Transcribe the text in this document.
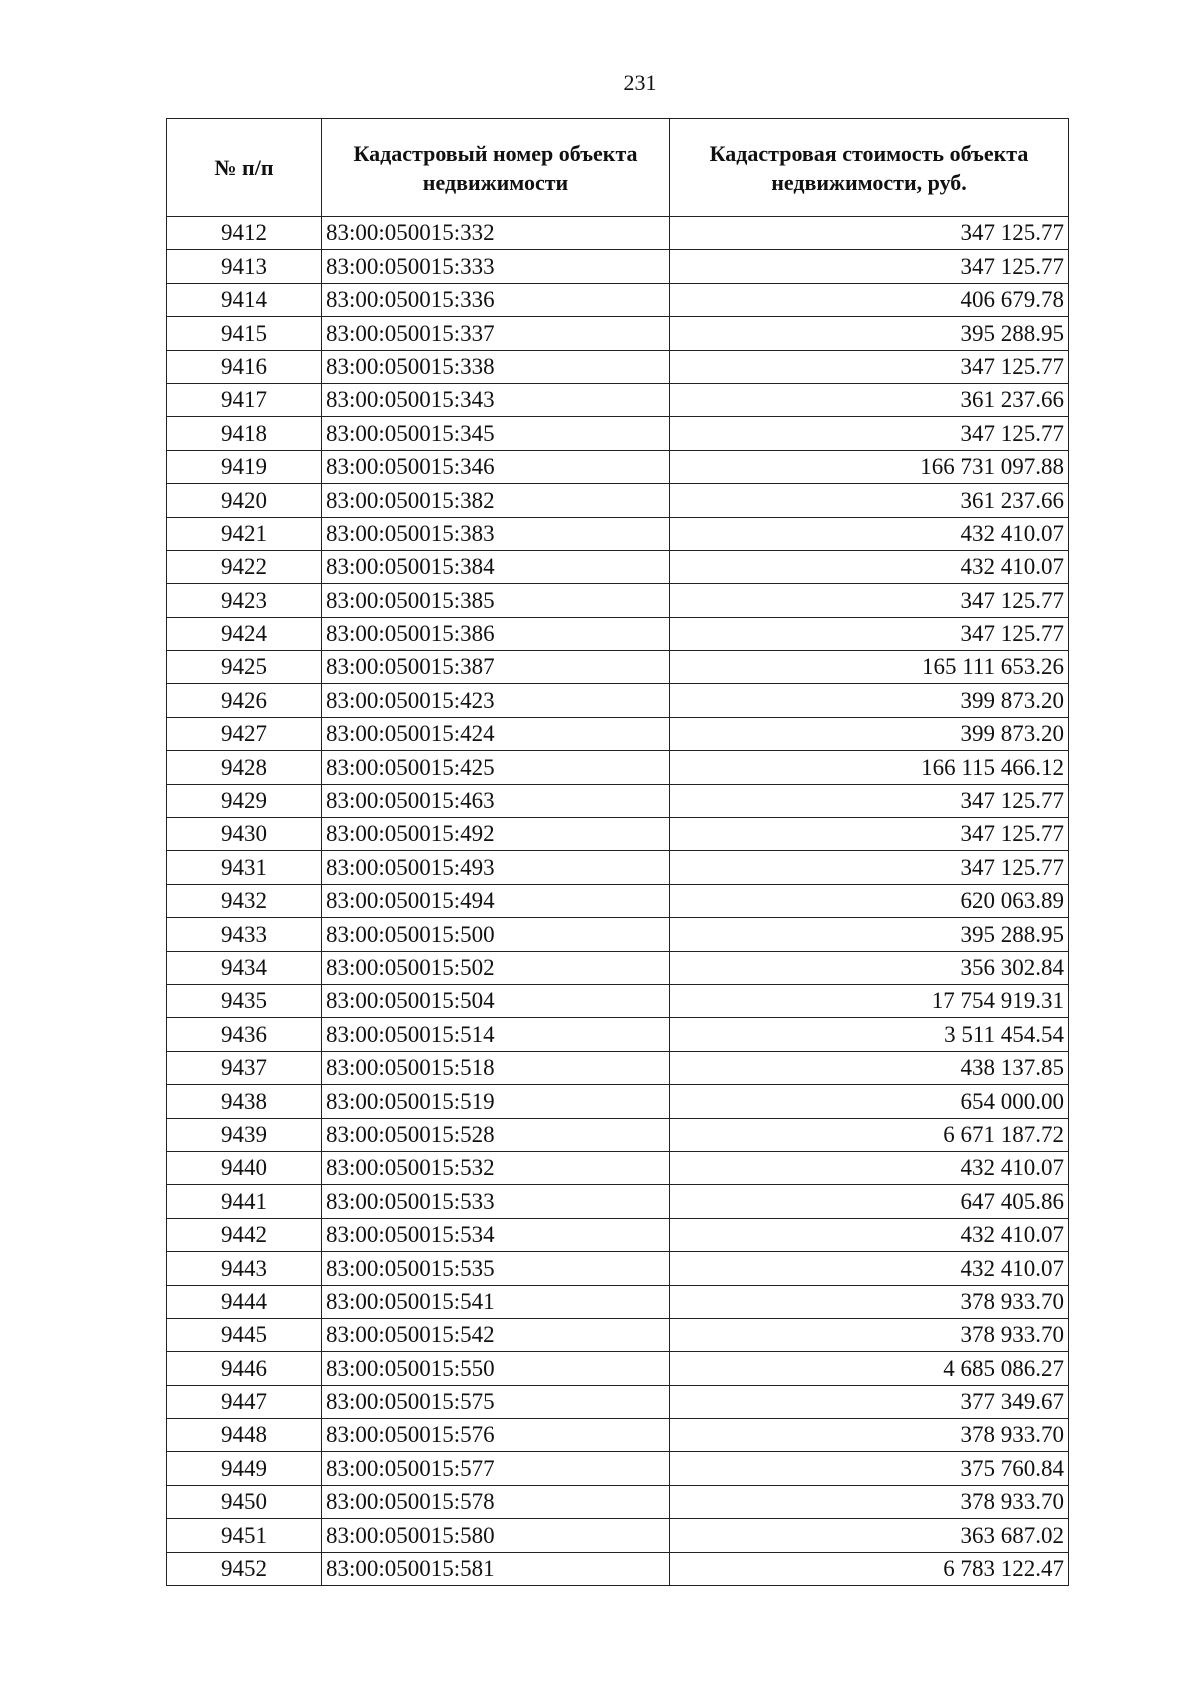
231
№ п/п	Кадастровый номер объекта недвижимости	Кадастровая стоимость объекта недвижимости, руб.
9412	83:00:050015:332	347 125.77
9413	83:00:050015:333	347 125.77
9414	83:00:050015:336	406 679.78
9415	83:00:050015:337	395 288.95
9416	83:00:050015:338	347 125.77
9417	83:00:050015:343	361 237.66
9418	83:00:050015:345	347 125.77
9419	83:00:050015:346	166 731 097.88
9420	83:00:050015:382	361 237.66
9421	83:00:050015:383	432 410.07
9422	83:00:050015:384	432 410.07
9423	83:00:050015:385	347 125.77
9424	83:00:050015:386	347 125.77
9425	83:00:050015:387	165 111 653.26
9426	83:00:050015:423	399 873.20
9427	83:00:050015:424	399 873.20
9428	83:00:050015:425	166 115 466.12
9429	83:00:050015:463	347 125.77
9430	83:00:050015:492	347 125.77
9431	83:00:050015:493	347 125.77
9432	83:00:050015:494	620 063.89
9433	83:00:050015:500	395 288.95
9434	83:00:050015:502	356 302.84
9435	83:00:050015:504	17 754 919.31
9436	83:00:050015:514	3 511 454.54
9437	83:00:050015:518	438 137.85
9438	83:00:050015:519	654 000.00
9439	83:00:050015:528	6 671 187.72
9440	83:00:050015:532	432 410.07
9441	83:00:050015:533	647 405.86
9442	83:00:050015:534	432 410.07
9443	83:00:050015:535	432 410.07
9444	83:00:050015:541	378 933.70
9445	83:00:050015:542	378 933.70
9446	83:00:050015:550	4 685 086.27
9447	83:00:050015:575	377 349.67
9448	83:00:050015:576	378 933.70
9449	83:00:050015:577	375 760.84
9450	83:00:050015:578	378 933.70
9451	83:00:050015:580	363 687.02
9452	83:00:050015:581	6 783 122.47
